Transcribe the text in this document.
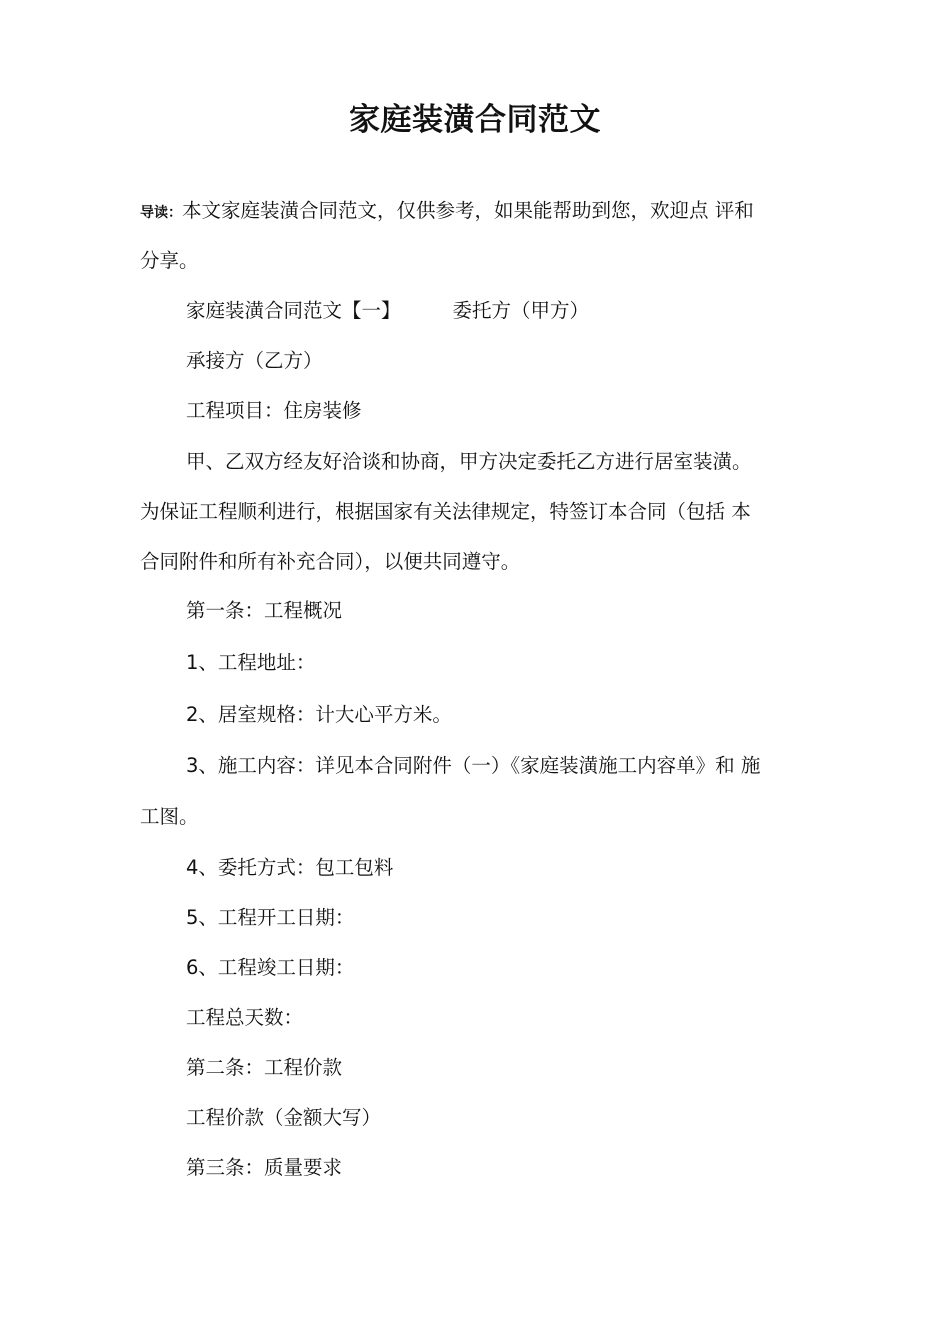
家庭装潢合同范文

导读：本文家庭装潢合同范文，仅供参考，如果能帮助到您，欢迎点 评和

分享。

家庭装潢合同范文【一】	委托方（甲方）

承接方（乙方）

工程项目：住房装修

甲、乙双方经友好洽谈和协商，甲方决定委托乙方进行居室装潢。

为保证工程顺利进行，根据国家有关法律规定，特签订本合同（包括 本

合同附件和所有补充合同），以便共同遵守。

第一条：工程概况

1、工程地址：

2、居室规格：计大心平方米。

3、施工内容：详见本合同附件（一）《家庭装潢施工内容单》和 施

工图。

4、委托方式：包工包料

5、工程开工日期：

6、工程竣工日期：

工程总天数：

第二条：工程价款

工程价款（金额大写）

第三条：质量要求
